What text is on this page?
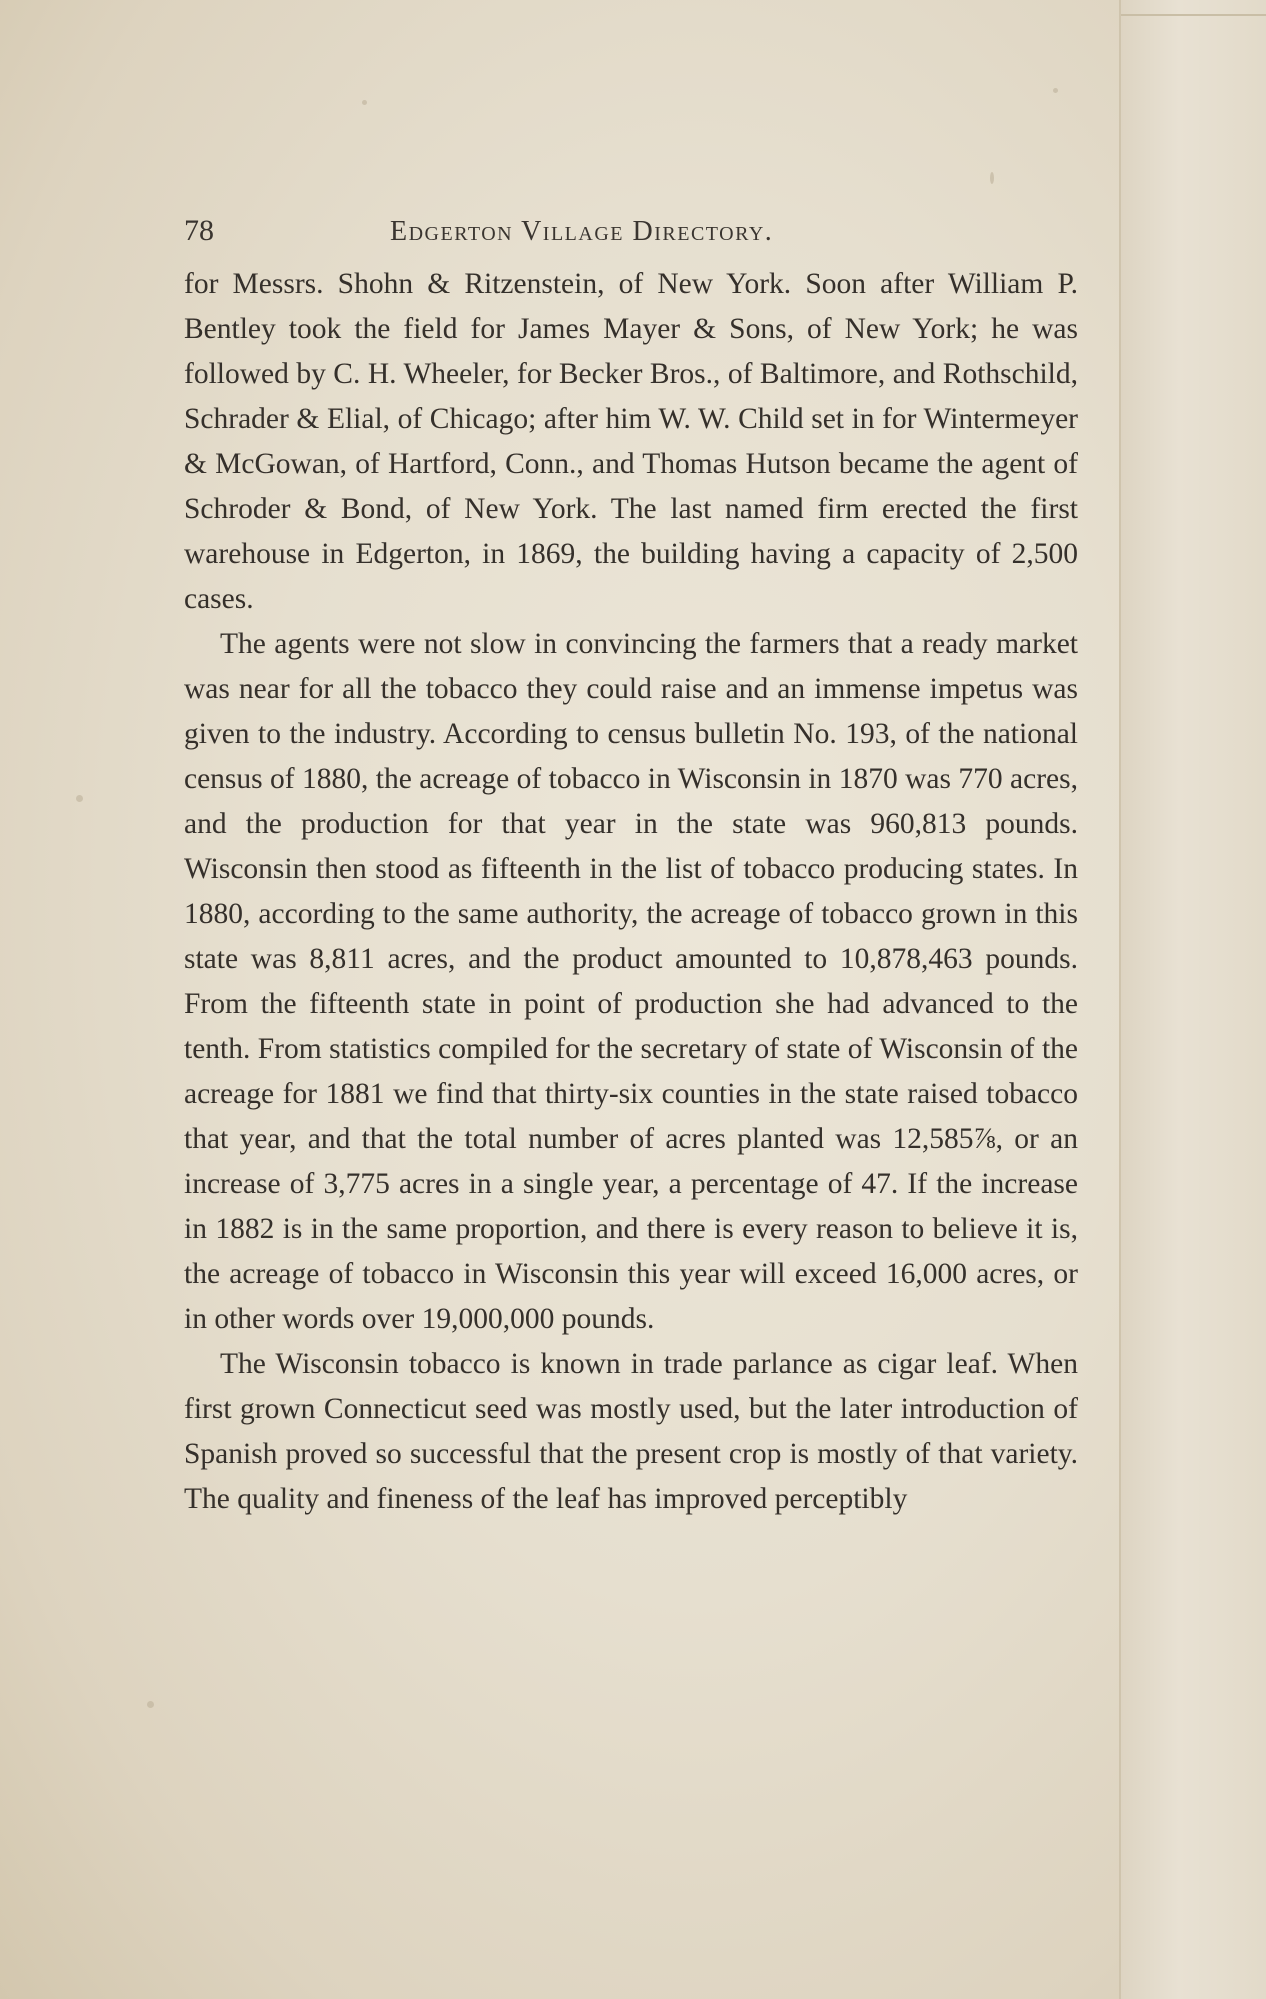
78	Edgerton Village Directory.

for Messrs. Shohn & Ritzenstein, of New York. Soon after William P. Bentley took the field for James Mayer & Sons, of New York; he was followed by C. H. Wheeler, for Becker Bros., of Baltimore, and Rothschild, Schrader & Elial, of Chicago; after him W. W. Child set in for Wintermeyer & McGowan, of Hartford, Conn., and Thomas Hutson became the agent of Schroder & Bond, of New York. The last named firm erected the first warehouse in Edgerton, in 1869, the building having a capacity of 2,500 cases.

The agents were not slow in convincing the farmers that a ready market was near for all the tobacco they could raise and an immense impetus was given to the industry. According to census bulletin No. 193, of the national census of 1880, the acreage of tobacco in Wisconsin in 1870 was 770 acres, and the production for that year in the state was 960,813 pounds. Wisconsin then stood as fifteenth in the list of tobacco producing states. In 1880, according to the same authority, the acreage of tobacco grown in this state was 8,811 acres, and the product amounted to 10,878,463 pounds. From the fifteenth state in point of production she had advanced to the tenth. From statistics compiled for the secretary of state of Wisconsin of the acreage for 1881 we find that thirty-six counties in the state raised tobacco that year, and that the total number of acres planted was 12,585⅞, or an increase of 3,775 acres in a single year, a percentage of 47. If the increase in 1882 is in the same proportion, and there is every reason to believe it is, the acreage of tobacco in Wisconsin this year will exceed 16,000 acres, or in other words over 19,000,000 pounds.

The Wisconsin tobacco is known in trade parlance as cigar leaf. When first grown Connecticut seed was mostly used, but the later introduction of Spanish proved so successful that the present crop is mostly of that variety. The quality and fineness of the leaf has improved perceptibly
